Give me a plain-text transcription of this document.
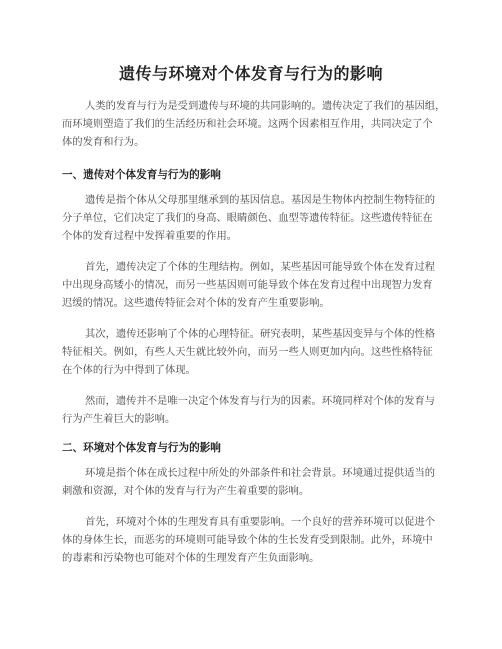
遗传与环境对个体发育与行为的影响
人类的发育与行为是受到遗传与环境的共同影响的。遗传决定了我们的基因组，
而环境则塑造了我们的生活经历和社会环境。这两个因素相互作用，共同决定了个
体的发育和行为。
一、遗传对个体发育与行为的影响
遗传是指个体从父母那里继承到的基因信息。基因是生物体内控制生物特征的
分子单位，它们决定了我们的身高、眼睛颜色、血型等遗传特征。这些遗传特征在
个体的发育过程中发挥着重要的作用。
首先，遗传决定了个体的生理结构。例如，某些基因可能导致个体在发育过程
中出现身高矮小的情况，而另一些基因则可能导致个体在发育过程中出现智力发育
迟缓的情况。这些遗传特征会对个体的发育产生重要影响。
其次，遗传还影响了个体的心理特征。研究表明，某些基因变异与个体的性格
特征相关。例如，有些人天生就比较外向，而另一些人则更加内向。这些性格特征
在个体的行为中得到了体现。
然而，遗传并不是唯一决定个体发育与行为的因素。环境同样对个体的发育与
行为产生着巨大的影响。
二、环境对个体发育与行为的影响
环境是指个体在成长过程中所处的外部条件和社会背景。环境通过提供适当的
刺激和资源，对个体的发育与行为产生着重要的影响。
首先，环境对个体的生理发育具有重要影响。一个良好的营养环境可以促进个
体的身体生长，而恶劣的环境则可能导致个体的生长发育受到限制。此外，环境中
的毒素和污染物也可能对个体的生理发育产生负面影响。
